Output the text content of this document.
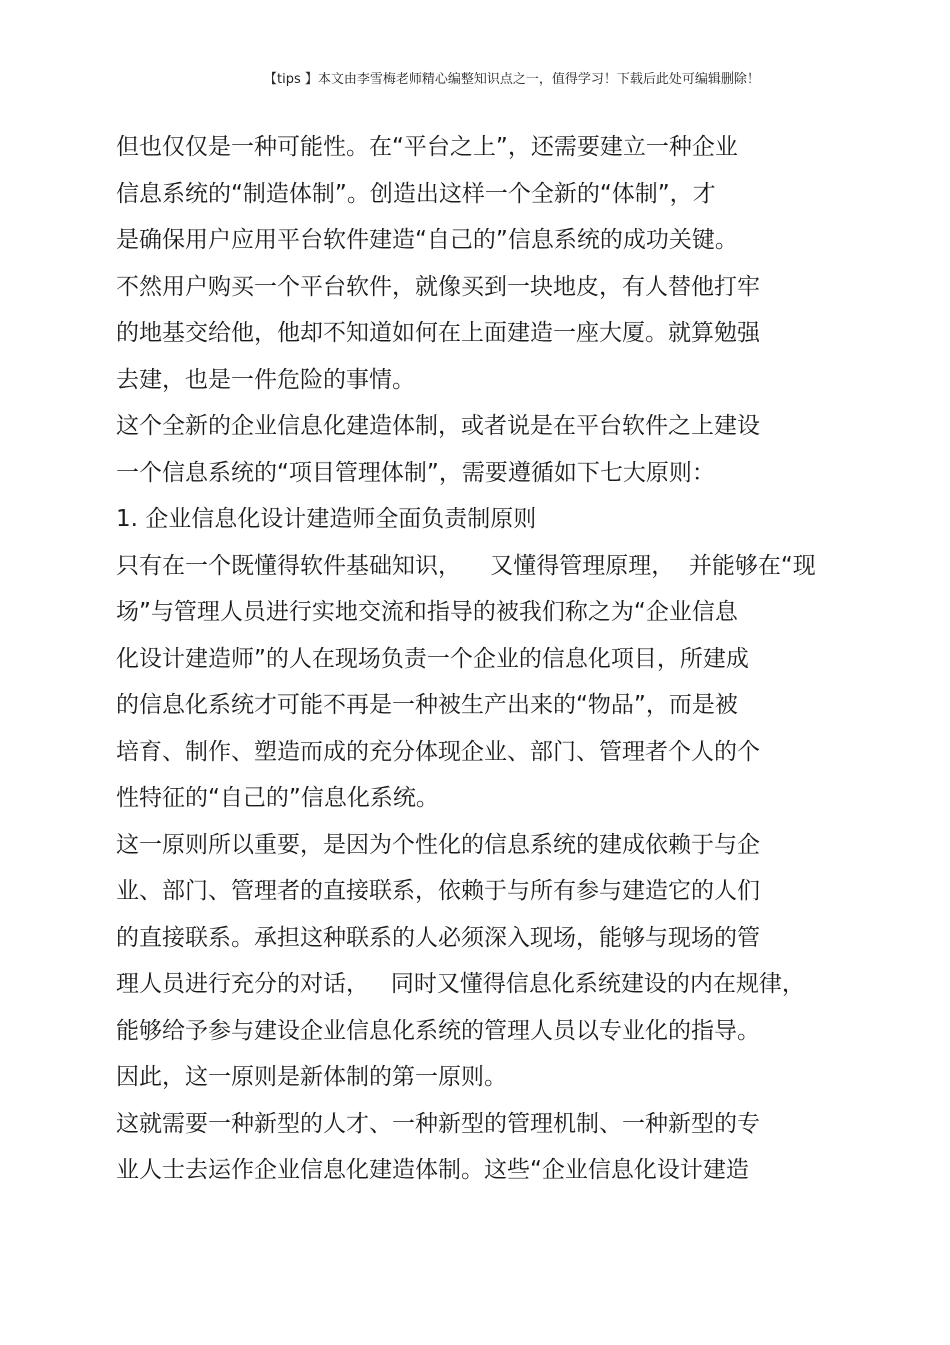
【tips 】本文由李雪梅老师精心编整知识点之一，值得学习！下载后此处可编辑删除！
但也仅仅是一种可能性。在“平台之上”，还需要建立一种企业
信息系统的“制造体制”。创造出这样一个全新的“体制”，才
是确保用户应用平台软件建造“自己的”信息系统的成功关键。
不然用户购买一个平台软件，就像买到一块地皮，有人替他打牢
的地基交给他，他却不知道如何在上面建造一座大厦。就算勉强
去建，也是一件危险的事情。
这个全新的企业信息化建造体制，或者说是在平台软件之上建设
一个信息系统的“项目管理体制”，需要遵循如下七大原则：
1. 企业信息化设计建造师全面负责制原则
只有在一个既懂得软件基础知识，    又懂得管理原理，  并能够在“现
场”与管理人员进行实地交流和指导的被我们称之为“企业信息
化设计建造师”的人在现场负责一个企业的信息化项目，所建成
的信息化系统才可能不再是一种被生产出来的“物品”，而是被
培育、制作、塑造而成的充分体现企业、部门、管理者个人的个
性特征的“自己的”信息化系统。
这一原则所以重要，是因为个性化的信息系统的建成依赖于与企
业、部门、管理者的直接联系，依赖于与所有参与建造它的人们
的直接联系。承担这种联系的人必须深入现场，能够与现场的管
理人员进行充分的对话，   同时又懂得信息化系统建设的内在规律，
能够给予参与建设企业信息化系统的管理人员以专业化的指导。
因此，这一原则是新体制的第一原则。
这就需要一种新型的人才、一种新型的管理机制、一种新型的专
业人士去运作企业信息化建造体制。这些“企业信息化设计建造
